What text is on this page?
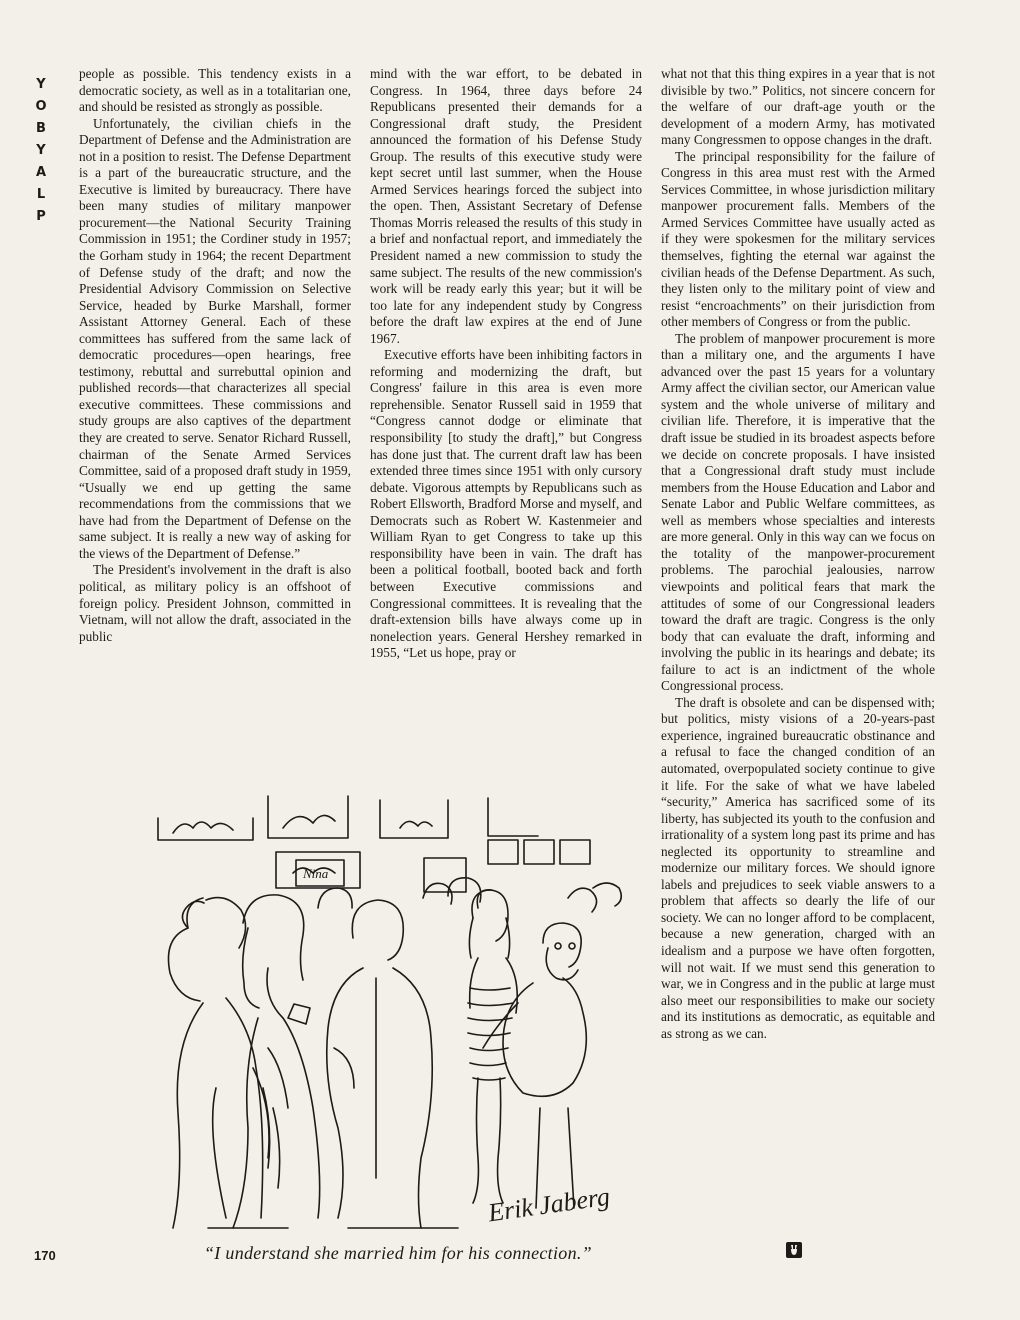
Y
O
B
Y
A
L
P

people as possible. This tendency exists in a democratic society, as well as in a totalitarian one, and should be resisted as strongly as possible.

Unfortunately, the civilian chiefs in the Department of Defense and the Administration are not in a position to resist. The Defense Department is a part of the bureaucratic structure, and the Executive is limited by bureaucracy. There have been many studies of military manpower procurement—the National Security Training Commission in 1951; the Cordiner study in 1957; the Gorham study in 1964; the recent Department of Defense study of the draft; and now the Presidential Advisory Commission on Selective Service, headed by Burke Marshall, former Assistant Attorney General. Each of these committees has suffered from the same lack of democratic procedures—open hearings, free testimony, rebuttal and surrebuttal opinion and published records—that characterizes all special executive committees. These commissions and study groups are also captives of the department they are created to serve. Senator Richard Russell, chairman of the Senate Armed Services Committee, said of a proposed draft study in 1959, “Usually we end up getting the same recommendations from the commissions that we have had from the Department of Defense on the same subject. It is really a new way of asking for the views of the Department of Defense.”

The President's involvement in the draft is also political, as military policy is an offshoot of foreign policy. President Johnson, committed in Vietnam, will not allow the draft, associated in the public

mind with the war effort, to be debated in Congress. In 1964, three days before 24 Republicans presented their demands for a Congressional draft study, the President announced the formation of his Defense Study Group. The results of this executive study were kept secret until last summer, when the House Armed Services hearings forced the subject into the open. Then, Assistant Secretary of Defense Thomas Morris released the results of this study in a brief and nonfactual report, and immediately the President named a new commission to study the same subject. The results of the new commission's work will be ready early this year; but it will be too late for any independent study by Congress before the draft law expires at the end of June 1967.

Executive efforts have been inhibiting factors in reforming and modernizing the draft, but Congress' failure in this area is even more reprehensible. Senator Russell said in 1959 that “Congress cannot dodge or eliminate that responsibility [to study the draft],” but Congress has done just that. The current draft law has been extended three times since 1951 with only cursory debate. Vigorous attempts by Republicans such as Robert Ellsworth, Bradford Morse and myself, and Democrats such as Robert W. Kastenmeier and William Ryan to get Congress to take up this responsibility have been in vain. The draft has been a political football, booted back and forth between Executive commissions and Congressional committees. It is revealing that the draft-extension bills have always come up in nonelection years. General Hershey remarked in 1955, “Let us hope, pray or

what not that this thing expires in a year that is not divisible by two.” Politics, not sincere concern for the welfare of our draft-age youth or the development of a modern Army, has motivated many Congressmen to oppose changes in the draft.

The principal responsibility for the failure of Congress in this area must rest with the Armed Services Committee, in whose jurisdiction military manpower procurement falls. Members of the Armed Services Committee have usually acted as if they were spokesmen for the military services themselves, fighting the eternal war against the civilian heads of the Defense Department. As such, they listen only to the military point of view and resist “encroachments” on their jurisdiction from other members of Congress or from the public.

The problem of manpower procurement is more than a military one, and the arguments I have advanced over the past 15 years for a voluntary Army affect the civilian sector, our American value system and the whole universe of military and civilian life. Therefore, it is imperative that the draft issue be studied in its broadest aspects before we decide on concrete proposals. I have insisted that a Congressional draft study must include members from the House Education and Labor and Senate Labor and Public Welfare committees, as well as members whose specialties and interests are more general. Only in this way can we focus on the totality of the manpower-procurement problems. The parochial jealousies, narrow viewpoints and political fears that mark the attitudes of some of our Congressional leaders toward the draft are tragic. Congress is the only body that can evaluate the draft, informing and involving the public in its hearings and debate; its failure to act is an indictment of the whole Congressional process.

The draft is obsolete and can be dispensed with; but politics, misty visions of a 20-years-past experience, ingrained bureaucratic obstinance and a refusal to face the changed condition of an automated, overpopulated society continue to give it life. For the sake of what we have labeled “security,” America has sacrificed some of its liberty, has subjected its youth to the confusion and irrationality of a system long past its prime and has neglected its opportunity to streamline and modernize our military forces. We should ignore labels and prejudices to seek viable answers to a problem that affects so dearly the life of our society. We can no longer afford to be complacent, because a new generation, charged with an idealism and a purpose we have often forgotten, will not wait. If we must send this generation to war, we in Congress and in the public at large must also meet our responsibilities to make our society and its institutions as democratic, as equitable and as strong as we can.

Nina
Erik Jaberg
“I understand she married him for his connection.”
170
